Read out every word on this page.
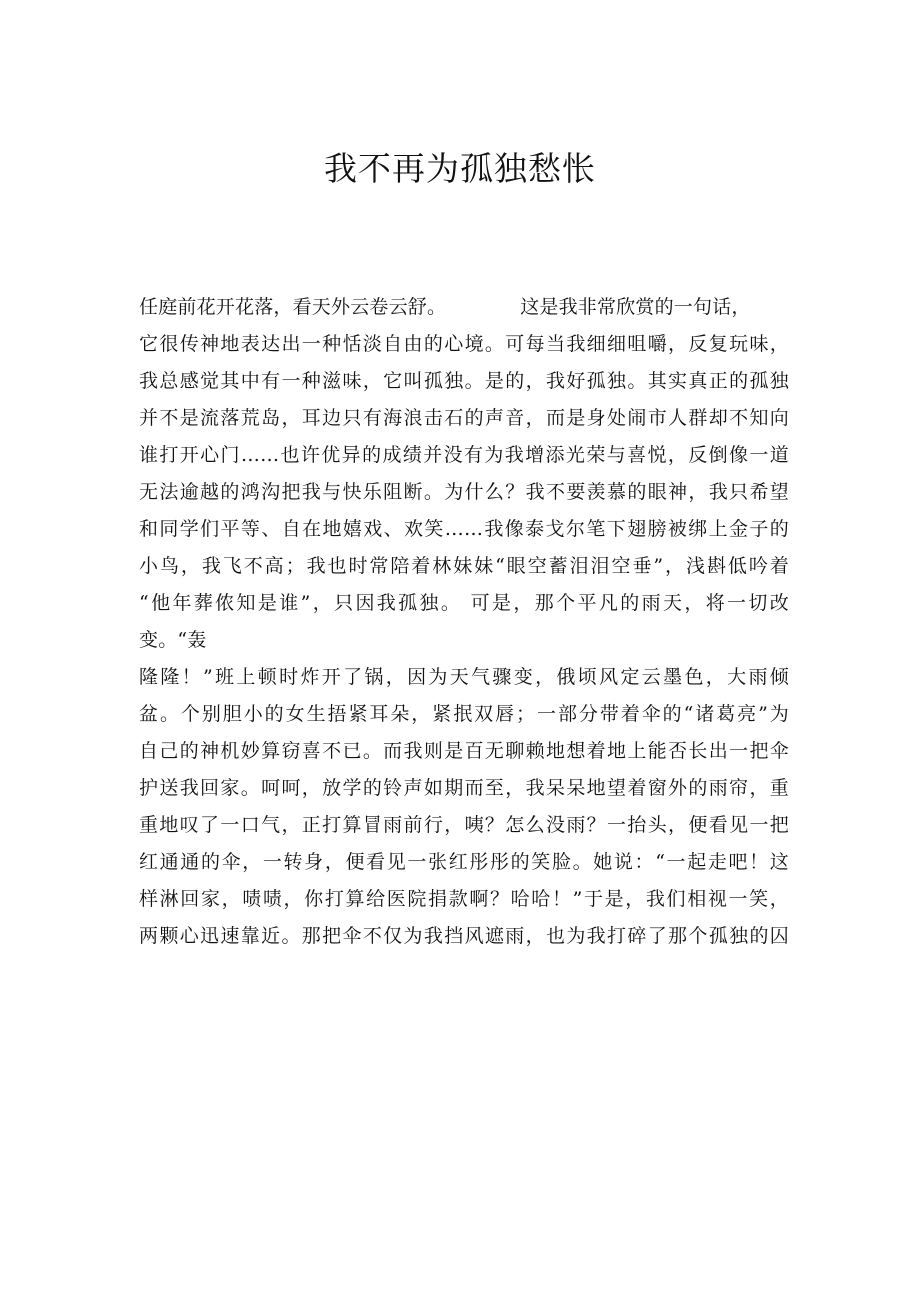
我不再为孤独愁怅
任庭前花开花落，看天外云卷云舒。	这是我非常欣赏的一句话，
它很传神地表达出一种恬淡自由的心境。可每当我细细咀嚼，反复玩味，
我总感觉其中有一种滋味，它叫孤独。是的，我好孤独。其实真正的孤独
并不是流落荒岛，耳边只有海浪击石的声音，而是身处闹市人群却不知向
谁打开心门……也许优异的成绩并没有为我增添光荣与喜悦，反倒像一道
无法逾越的鸿沟把我与快乐阻断。为什么？我不要羡慕的眼神，我只希望
和同学们平等、自在地嬉戏、欢笑……我像泰戈尔笔下翅膀被绑上金子的
小鸟，我飞不高；我也时常陪着林妹妹“眼空蓄泪泪空垂”，浅斟低吟着
“他年葬侬知是谁”，只因我孤独。 可是，那个平凡的雨天，将一切改
变。“轰
隆隆！”班上顿时炸开了锅，因为天气骤变，俄顷风定云墨色，大雨倾
盆。个别胆小的女生捂紧耳朵，紧抿双唇；一部分带着伞的“诸葛亮”为
自己的神机妙算窃喜不已。而我则是百无聊赖地想着地上能否长出一把伞
护送我回家。呵呵，放学的铃声如期而至，我呆呆地望着窗外的雨帘，重
重地叹了一口气，正打算冒雨前行，咦？怎么没雨？一抬头，便看见一把
红通通的伞，一转身，便看见一张红彤彤的笑脸。她说：“一起走吧！这
样淋回家，啧啧，你打算给医院捐款啊？哈哈！”于是，我们相视一笑，
两颗心迅速靠近。那把伞不仅为我挡风遮雨，也为我打碎了那个孤独的囚
